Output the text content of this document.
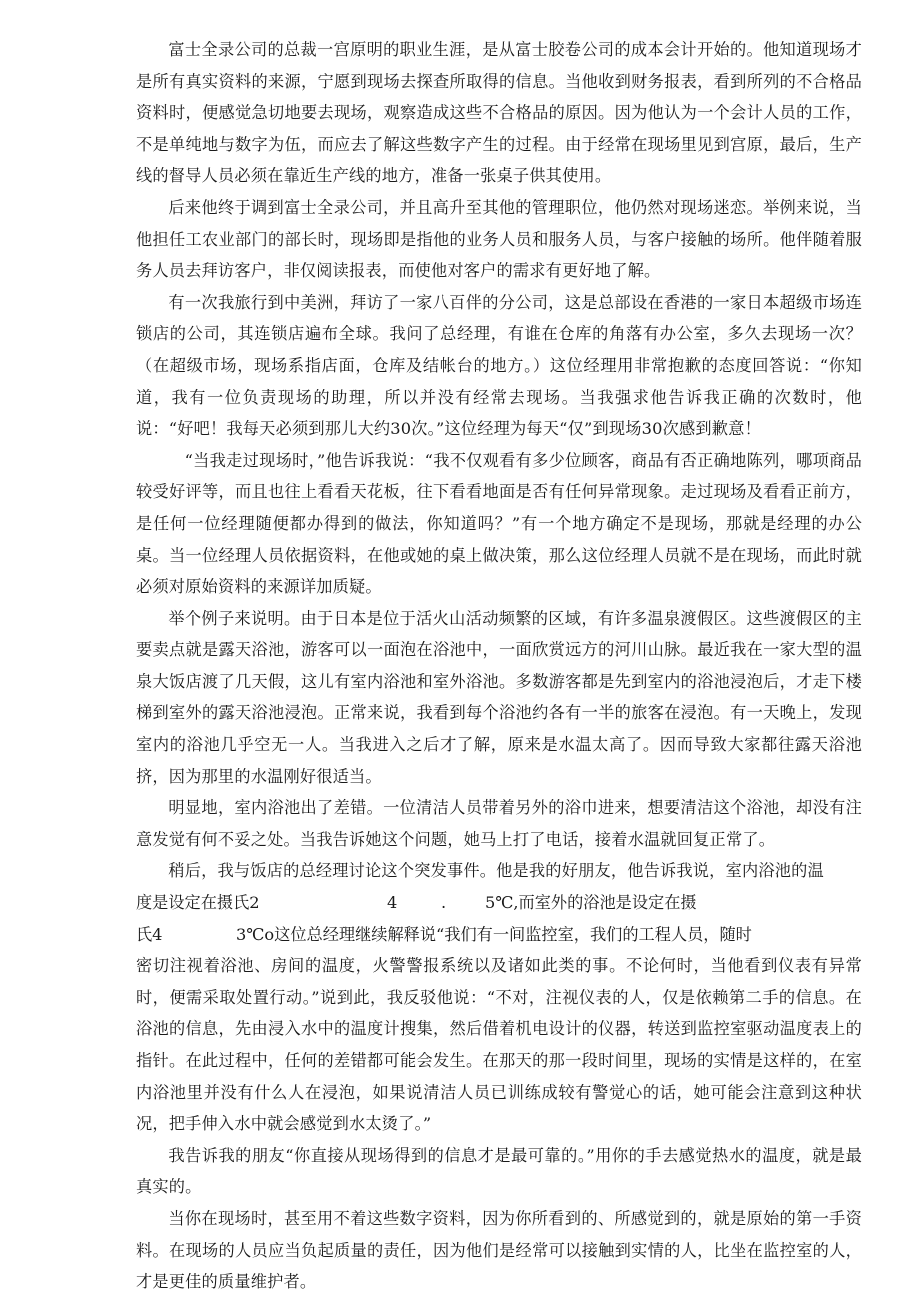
富士全录公司的总裁一宫原明的职业生涯，是从富士胶卷公司的成本会计开始的。他知道现场才是所有真实资料的来源，宁愿到现场去探查所取得的信息。当他收到财务报表，看到所列的不合格品资料时，便感觉急切地要去现场，观察造成这些不合格品的原因。因为他认为一个会计人员的工作，不是单纯地与数字为伍，而应去了解这些数字产生的过程。由于经常在现场里见到宫原，最后，生产线的督导人员必须在靠近生产线的地方，准备一张桌子供其使用。

后来他终于调到富士全录公司，并且高升至其他的管理职位，他仍然对现场迷恋。举例来说，当他担任工农业部门的部长时，现场即是指他的业务人员和服务人员，与客户接触的场所。他伴随着服务人员去拜访客户，非仅阅读报表，而使他对客户的需求有更好地了解。

有一次我旅行到中美洲，拜访了一家八百伴的分公司，这是总部设在香港的一家日本超级市场连锁店的公司，其连锁店遍布全球。我问了总经理，有谁在仓库的角落有办公室，多久去现场一次？（在超级市场，现场系指店面，仓库及结帐台的地方。）这位经理用非常抱歉的态度回答说：“你知道，我有一位负责现场的助理，所以并没有经常去现场。当我强求他告诉我正确的次数时，他说：“好吧！我每天必须到那儿大约30次。”这位经理为每天“仅”到现场30次感到歉意！

“当我走过现场时，”他告诉我说：“我不仅观看有多少位顾客，商品有否正确地陈列，哪项商品较受好评等，而且也往上看看天花板，往下看看地面是否有任何异常现象。走过现场及看看正前方，是任何一位经理随便都办得到的做法，你知道吗？”有一个地方确定不是现场，那就是经理的办公桌。当一位经理人员依据资料，在他或她的桌上做决策，那么这位经理人员就不是在现场，而此时就必须对原始资料的来源详加质疑。

举个例子来说明。由于日本是位于活火山活动频繁的区域，有许多温泉渡假区。这些渡假区的主要卖点就是露天浴池，游客可以一面泡在浴池中，一面欣赏远方的河川山脉。最近我在一家大型的温泉大饭店渡了几天假，这儿有室内浴池和室外浴池。多数游客都是先到室内的浴池浸泡后，才走下楼梯到室外的露天浴池浸泡。正常来说，我看到每个浴池约各有一半的旅客在浸泡。有一天晚上，发现室内的浴池几乎空无一人。当我进入之后才了解，原来是水温太高了。因而导致大家都往露天浴池挤，因为那里的水温刚好很适当。

明显地，室内浴池出了差错。一位清洁人员带着另外的浴巾进来，想要清洁这个浴池，却没有注意发觉有何不妥之处。当我告诉她这个问题，她马上打了电话，接着水温就回复正常了。

稍后，我与饭店的总经理讨论这个突发事件。他是我的好朋友，他告诉我说，室内浴池的温

度是设定在摄氏2	4	. 5℃,而室外的浴池是设定在摄
氏4	3℃o这位总经理继续解释说“我们有一间监控室，我们的工程人员，随时

密切注视着浴池、房间的温度，火警警报系统以及诸如此类的事。不论何时，当他看到仪表有异常时，便需采取处置行动。”说到此，我反驳他说：“不对，注视仪表的人，仅是依赖第二手的信息。在浴池的信息，先由浸入水中的温度计搜集，然后借着机电设计的仪器，转送到监控室驱动温度表上的指针。在此过程中，任何的差错都可能会发生。在那天的那一段时间里，现场的实情是这样的，在室内浴池里并没有什么人在浸泡，如果说清洁人员已训练成较有警觉心的话，她可能会注意到这种状况，把手伸入水中就会感觉到水太烫了。”

我告诉我的朋友“你直接从现场得到的信息才是最可靠的。”用你的手去感觉热水的温度，就是最真实的。

当你在现场时，甚至用不着这些数字资料，因为你所看到的、所感觉到的，就是原始的第一手资料。在现场的人员应当负起质量的责任，因为他们是经常可以接触到实情的人，比坐在监控室的人，才是更佳的质量维护者。
